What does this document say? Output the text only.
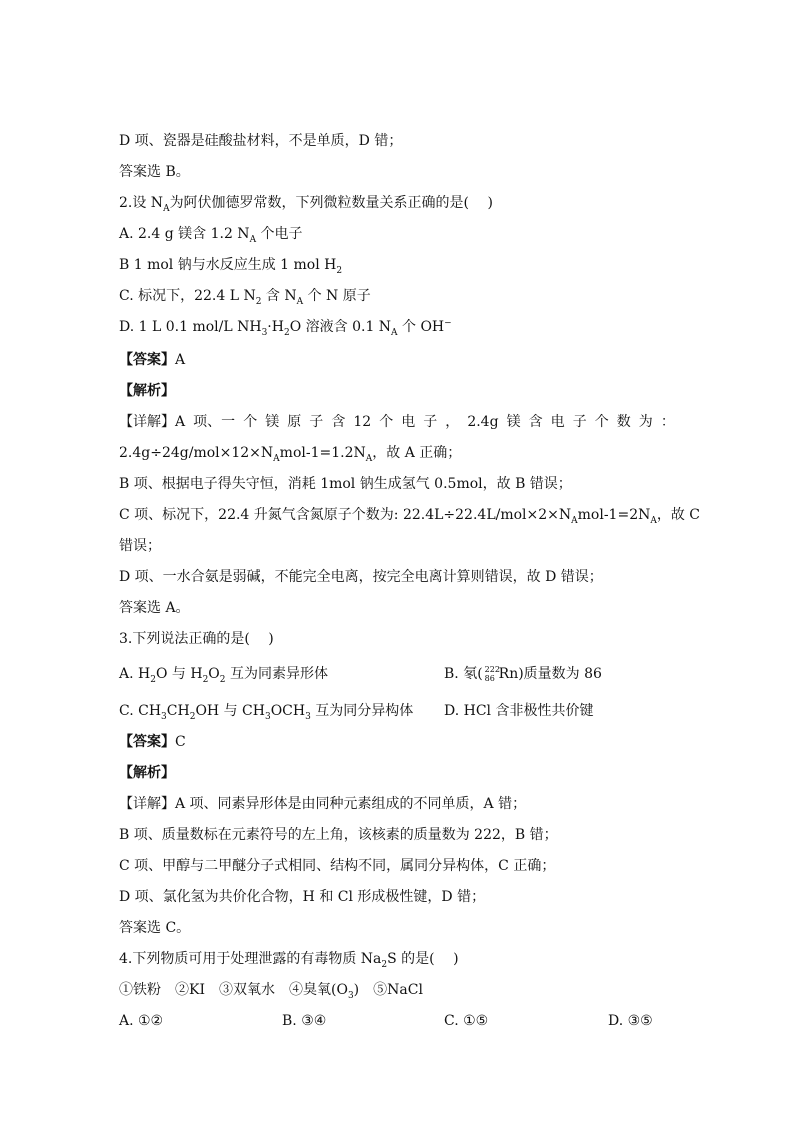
D 项、瓷器是硅酸盐材料，不是单质，D 错；
答案选 B。
2.设 $N_A$为阿伏伽德罗常数，下列微粒数量关系正确的是(　 )
A. 2.4 g 镁含 1.2 $N_A$ 个电子
B 1 mol 钠与水反应生成 1 mol $H_2$
C. 标况下，22.4 L $N_2$ 含 $N_A$ 个 N 原子
D. 1 L 0.1 mol/L $NH_3\cdot H_2O$ 溶液含 0.1 $N_A$ 个 OH−
【答案】A
【解析】
【详解】A 项、一 个 镁 原 子 含 12 个 电 子 ， 2.4g 镁 含 电 子 个 数 为 ：
$2.4g\div 24g/mol\times 12\times N_Amol-1=1.2N_A$，故 A 正确；
B 项、根据电子得失守恒，消耗 1mol 钠生成氢气 0.5mol，故 B 错误；
C 项、标况下，22.4 升氮气含氮原子个数为: $22.4L\div 22.4L/mol\times 2\times N_Amol-1=2N_A$，故 C
错误；
D 项、一水合氨是弱碱，不能完全电离，按完全电离计算则错误，故 D 错误；
答案选 A。
3.下列说法正确的是(　 )
A. $H_2O$ 与 $H_2O_2$ 互为同素异形体	B. 氡( 222
86 Rn)质量数为 86
C. $CH_3CH_2OH$ 与 $CH_3OCH_3$ 互为同分异构体 D. HCl 含非极性共价键
【答案】C
【解析】
【详解】A 项、同素异形体是由同种元素组成的不同单质，A 错；
B 项、质量数标在元素符号的左上角，该核素的质量数为 222，B 错；
C 项、甲醇与二甲醚分子式相同、结构不同，属同分异构体，C 正确；
D 项、氯化氢为共价化合物，H 和 Cl 形成极性键，D 错；
答案选 C。
4.下列物质可用于处理泄露的有毒物质 $Na_2S$ 的是(　 )
①铁粉　②KI　③双氧水　④臭氧$(O_3)$　⑤NaCl
A. ①②	B. ③④	C. ①⑤	D. ③⑤
